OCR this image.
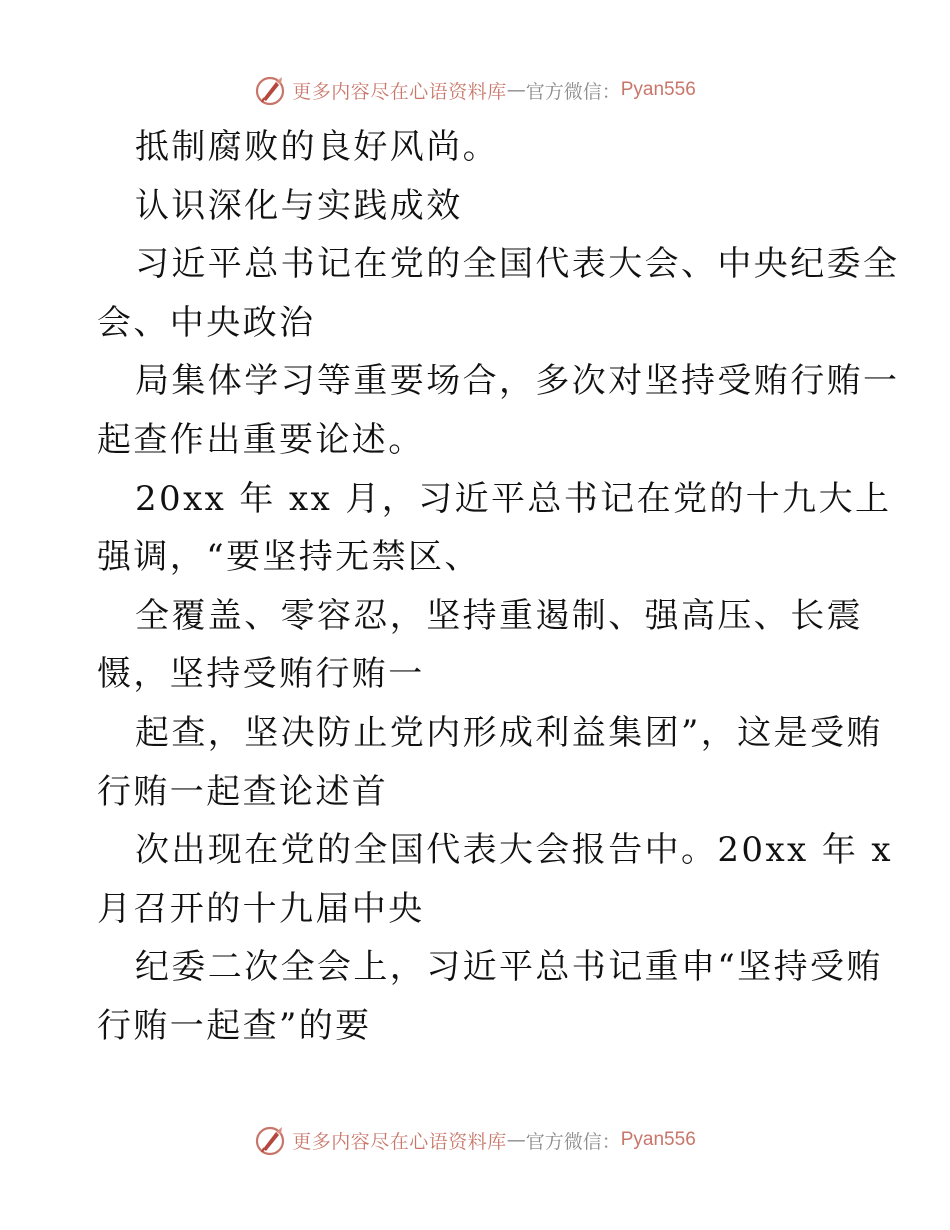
更多内容尽在心语资料库 — 官方微信： Pyan556
抵制腐败的良好风尚。
认识深化与实践成效
习近平总书记在党的全国代表大会、中央纪委全
会、中央政治
局集体学习等重要场合，多次对坚持受贿行贿一
起查作出重要论述。
20xx 年 xx 月，习近平总书记在党的十九大上
强调，“要坚持无禁区、
全覆盖、零容忍，坚持重遏制、强高压、长震
慑，坚持受贿行贿一
起查，坚决防止党内形成利益集团”，这是受贿
行贿一起查论述首
次出现在党的全国代表大会报告中。20xx 年 x
月召开的十九届中央
纪委二次全会上，习近平总书记重申“坚持受贿
行贿一起查”的要
更多内容尽在心语资料库 — 官方微信： Pyan556
